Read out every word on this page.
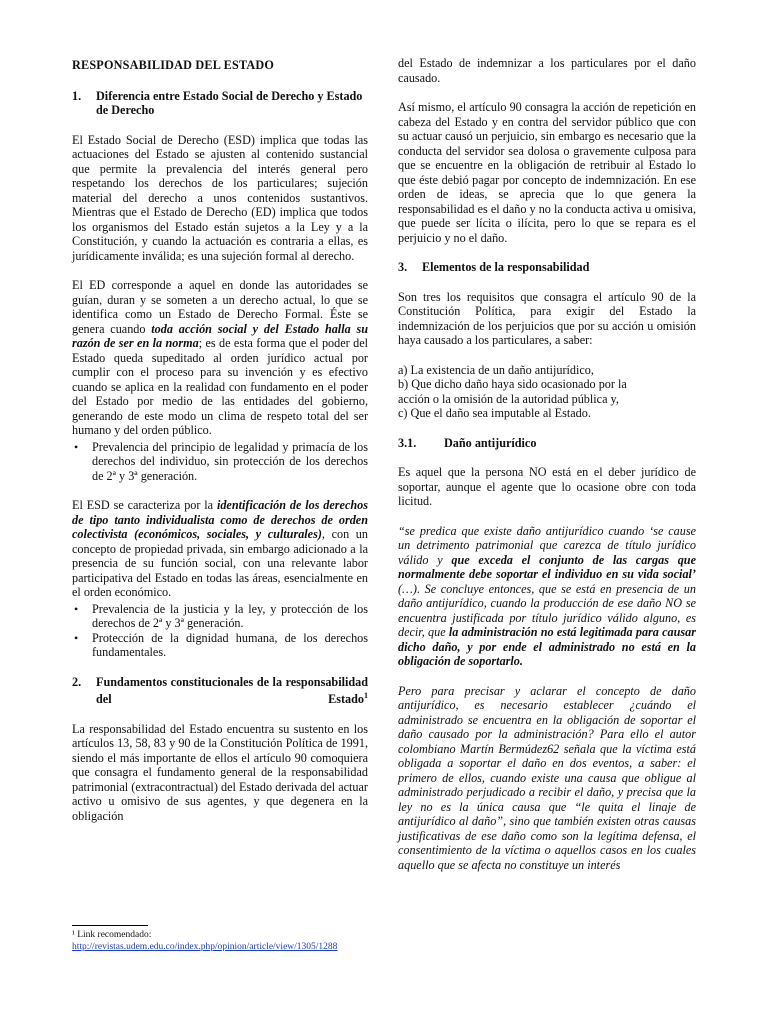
RESPONSABILIDAD DEL ESTADO
1.	Diferencia entre Estado Social de Derecho y Estado de Derecho

El Estado Social de Derecho (ESD) implica que todas las actuaciones del Estado se ajusten al contenido sustancial que permite la prevalencia del interés general pero respetando los derechos de los particulares; sujeción material del derecho a unos contenidos sustantivos. Mientras que el Estado de Derecho (ED) implica que todos los organismos del Estado están sujetos a la Ley y a la Constitución, y cuando la actuación es contraria a ellas, es jurídicamente inválida; es una sujeción formal al derecho.

El ED corresponde a aquel en donde las autoridades se guían, duran y se someten a un derecho actual, lo que se identifica como un Estado de Derecho Formal. Éste se genera cuando toda acción social y del Estado halla su razón de ser en la norma; es de esta forma que el poder del Estado queda supeditado al orden jurídico actual por cumplir con el proceso para su invención y es efectivo cuando se aplica en la realidad con fundamento en el poder del Estado por medio de las entidades del gobierno, generando de este modo un clima de respeto total del ser humano y del orden público.

• Prevalencia del principio de legalidad y primacía de los derechos del individuo, sin protección de los derechos de 2ª y 3ª generación.

El ESD se caracteriza por la identificación de los derechos de tipo tanto individualista como de derechos de orden colectivista (económicos, sociales, y culturales), con un concepto de propiedad privada, sin embargo adicionado a la presencia de su función social, con una relevante labor participativa del Estado en todas las áreas, esencialmente en el orden económico.

• Prevalencia de la justicia y la ley, y protección de los derechos de 2ª y 3ª generación.
• Protección de la dignidad humana, de los derechos fundamentales.
2.	Fundamentos constitucionales de la responsabilidad del Estado$^1$

La responsabilidad del Estado encuentra su sustento en los artículos 13, 58, 83 y 90 de la Constitución Política de 1991, siendo el más importante de ellos el artículo 90 comoquiera que consagra el fundamento general de la responsabilidad patrimonial (extracontractual) del Estado derivada del actuar activo u omisivo de sus agentes, y que degenera en la obligación

¹ Link recomendado:
http://revistas.udem.edu.co/index.php/opinion/article/view/1305/1288

del Estado de indemnizar a los particulares por el daño causado.

Así mismo, el artículo 90 consagra la acción de repetición en cabeza del Estado y en contra del servidor público que con su actuar causó un perjuicio, sin embargo es necesario que la conducta del servidor sea dolosa o gravemente culposa para que se encuentre en la obligación de retribuir al Estado lo que éste debió pagar por concepto de indemnización. En ese orden de ideas, se aprecia que lo que genera la responsabilidad es el daño y no la conducta activa u omisiva, que puede ser lícita o ilícita, pero lo que se repara es el perjuicio y no el daño.

3.	Elementos de la responsabilidad

Son tres los requisitos que consagra el artículo 90 de la Constitución Política, para exigir del Estado la indemnización de los perjuicios que por su acción u omisión haya causado a los particulares, a saber:

a) La existencia de un daño antijurídico,
b) Que dicho daño haya sido ocasionado por la
acción o la omisión de la autoridad pública y,
c) Que el daño sea imputable al Estado.
3.1.	Daño antijurídico

Es aquel que la persona NO está en el deber jurídico de soportar, aunque el agente que lo ocasione obre con toda licitud.

“se predica que existe daño antijurídico cuando ‘se cause un detrimento patrimonial que carezca de título jurídico válido y que exceda el conjunto de las cargas que normalmente debe soportar el individuo en su vida social’ (…). Se concluye entonces, que se está en presencia de un daño antijurídico, cuando la producción de ese daño NO se encuentra justificada por título jurídico válido alguno, es decir, que la administración no está legitimada para causar dicho daño, y por ende el administrado no está en la obligación de soportarlo.

Pero para precisar y aclarar el concepto de daño antijurídico, es necesario establecer ¿cuándo el administrado se encuentra en la obligación de soportar el daño causado por la administración? Para ello el autor colombiano Martín Bermúdez62 señala que la víctima está obligada a soportar el daño en dos eventos, a saber: el primero de ellos, cuando existe una causa que obligue al administrado perjudicado a recibir el daño, y precisa que la ley no es la única causa que “le quita el linaje de antijurídico al daño”, sino que también existen otras causas justificativas de ese daño como son la legítima defensa, el consentimiento de la víctima o aquellos casos en los cuales aquello que se afecta no constituye un interés
